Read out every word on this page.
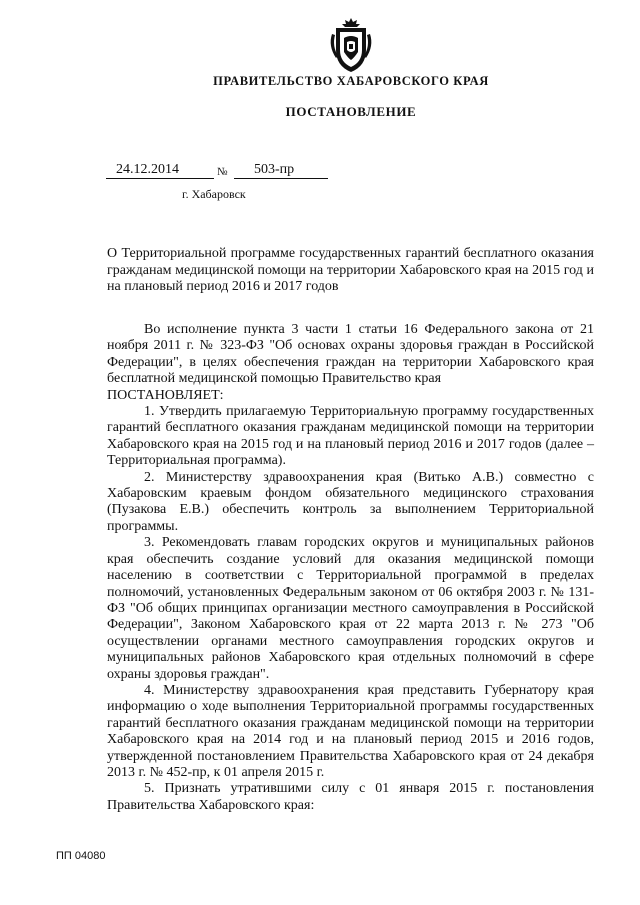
ПРАВИТЕЛЬСТВО ХАБАРОВСКОГО КРАЯ
ПОСТАНОВЛЕНИЕ
24.12.2014	№	503-пр
г. Хабаровск
О Территориальной программе государственных гарантий бесплатного оказания гражданам медицинской помощи на территории Хабаровского края на 2015 год и на плановый период 2016 и 2017 годов

Во исполнение пункта 3 части 1 статьи 16 Федерального закона от 21 ноября 2011 г. № 323-ФЗ "Об основах охраны здоровья граждан в Российской Федерации", в целях обеспечения граждан на территории Хабаровского края бесплатной медицинской помощью Правительство края

ПОСТАНОВЛЯЕТ:

1. Утвердить прилагаемую Территориальную программу государственных гарантий бесплатного оказания гражданам медицинской помощи на территории Хабаровского края на 2015 год и на плановый период 2016 и 2017 годов (далее – Территориальная программа).

2. Министерству здравоохранения края (Витько А.В.) совместно с Хабаровским краевым фондом обязательного медицинского страхования (Пузакова Е.В.) обеспечить контроль за выполнением Территориальной программы.

3. Рекомендовать главам городских округов и муниципальных районов края обеспечить создание условий для оказания медицинской помощи населению в соответствии с Территориальной программой в пределах полномочий, установленных Федеральным законом от 06 октября 2003 г. № 131-ФЗ "Об общих принципах организации местного самоуправления в Российской Федерации", Законом Хабаровского края от 22 марта 2013 г. № 273 "Об осуществлении органами местного самоуправления городских округов и муниципальных районов Хабаровского края отдельных полномочий в сфере охраны здоровья граждан".

4. Министерству здравоохранения края представить Губернатору края информацию о ходе выполнения Территориальной программы государственных гарантий бесплатного оказания гражданам медицинской помощи на территории Хабаровского края на 2014 год и на плановый период 2015 и 2016 годов, утвержденной постановлением Правительства Хабаровского края от 24 декабря 2013 г. № 452-пр, к 01 апреля 2015 г.

5. Признать утратившими силу с 01 января 2015 г. постановления Правительства Хабаровского края:

ПП 04080
